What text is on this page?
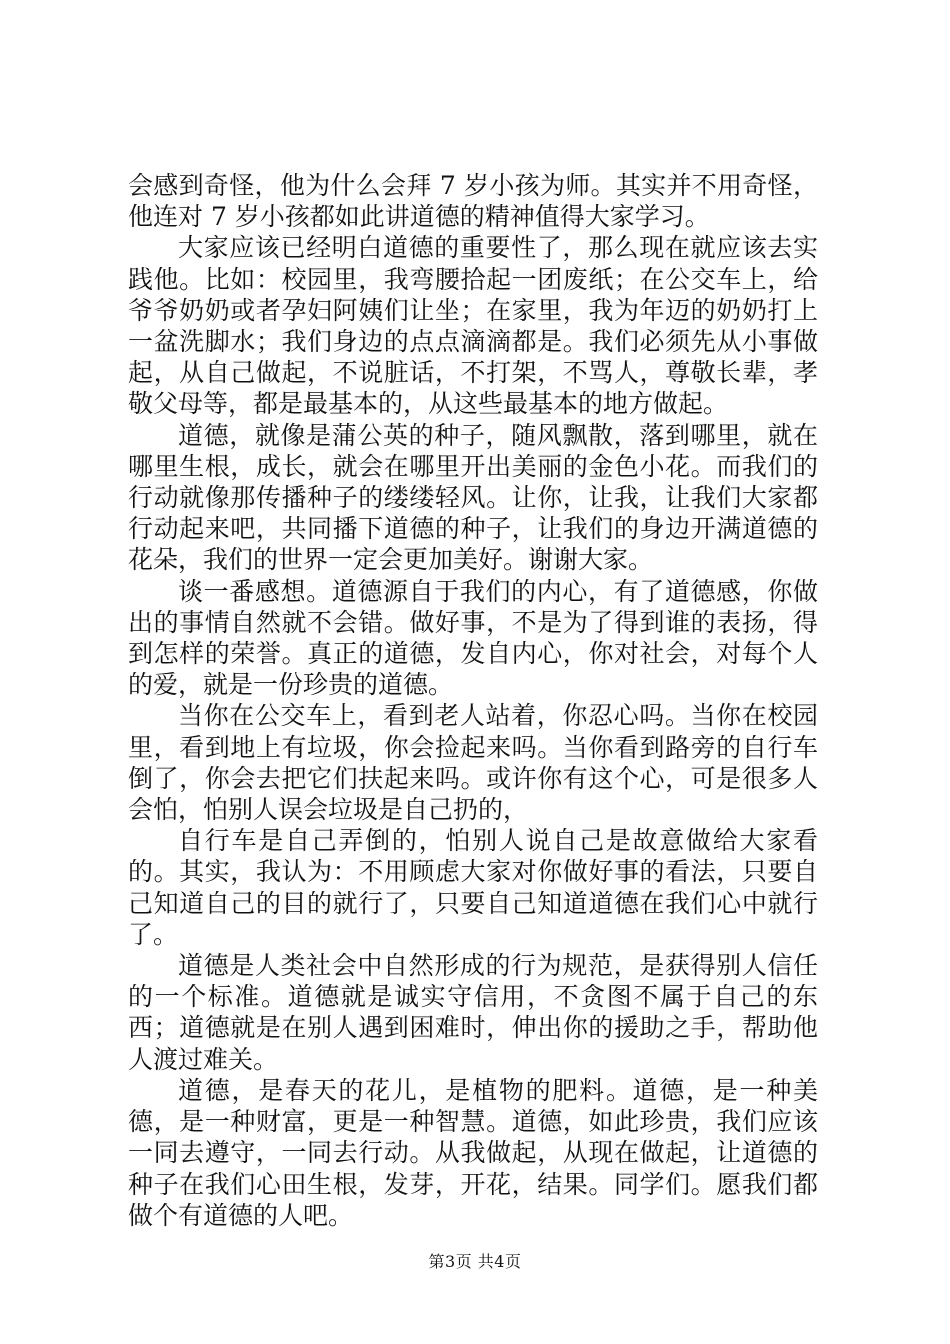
会感到奇怪，他为什么会拜 7 岁小孩为师。其实并不用奇怪，他连对 7 岁小孩都如此讲道德的精神值得大家学习。

大家应该已经明白道德的重要性了，那么现在就应该去实践他。比如：校园里，我弯腰拾起一团废纸；在公交车上，给爷爷奶奶或者孕妇阿姨们让坐；在家里，我为年迈的奶奶打上一盆洗脚水；我们身边的点点滴滴都是。我们必须先从小事做起，从自己做起，不说脏话，不打架，不骂人，尊敬长辈，孝敬父母等，都是最基本的，从这些最基本的地方做起。

道德，就像是蒲公英的种子，随风飘散，落到哪里，就在哪里生根，成长，就会在哪里开出美丽的金色小花。而我们的行动就像那传播种子的缕缕轻风。让你，让我，让我们大家都行动起来吧，共同播下道德的种子，让我们的身边开满道德的花朵，我们的世界一定会更加美好。谢谢大家。

谈一番感想。道德源自于我们的内心，有了道德感，你做出的事情自然就不会错。做好事，不是为了得到谁的表扬，得到怎样的荣誉。真正的道德，发自内心，你对社会，对每个人的爱，就是一份珍贵的道德。

当你在公交车上，看到老人站着，你忍心吗。当你在校园里，看到地上有垃圾，你会捡起来吗。当你看到路旁的自行车倒了，你会去把它们扶起来吗。或许你有这个心，可是很多人会怕，怕别人误会垃圾是自己扔的，

自行车是自己弄倒的，怕别人说自己是故意做给大家看的。其实，我认为：不用顾虑大家对你做好事的看法，只要自己知道自己的目的就行了，只要自己知道道德在我们心中就行了。

道德是人类社会中自然形成的行为规范，是获得别人信任的一个标准。道德就是诚实守信用，不贪图不属于自己的东西；道德就是在别人遇到困难时，伸出你的援助之手，帮助他人渡过难关。

道德，是春天的花儿，是植物的肥料。道德，是一种美德，是一种财富，更是一种智慧。道德，如此珍贵，我们应该一同去遵守，一同去行动。从我做起，从现在做起，让道德的种子在我们心田生根，发芽，开花，结果。同学们。愿我们都做个有道德的人吧。

第3页 共4页
